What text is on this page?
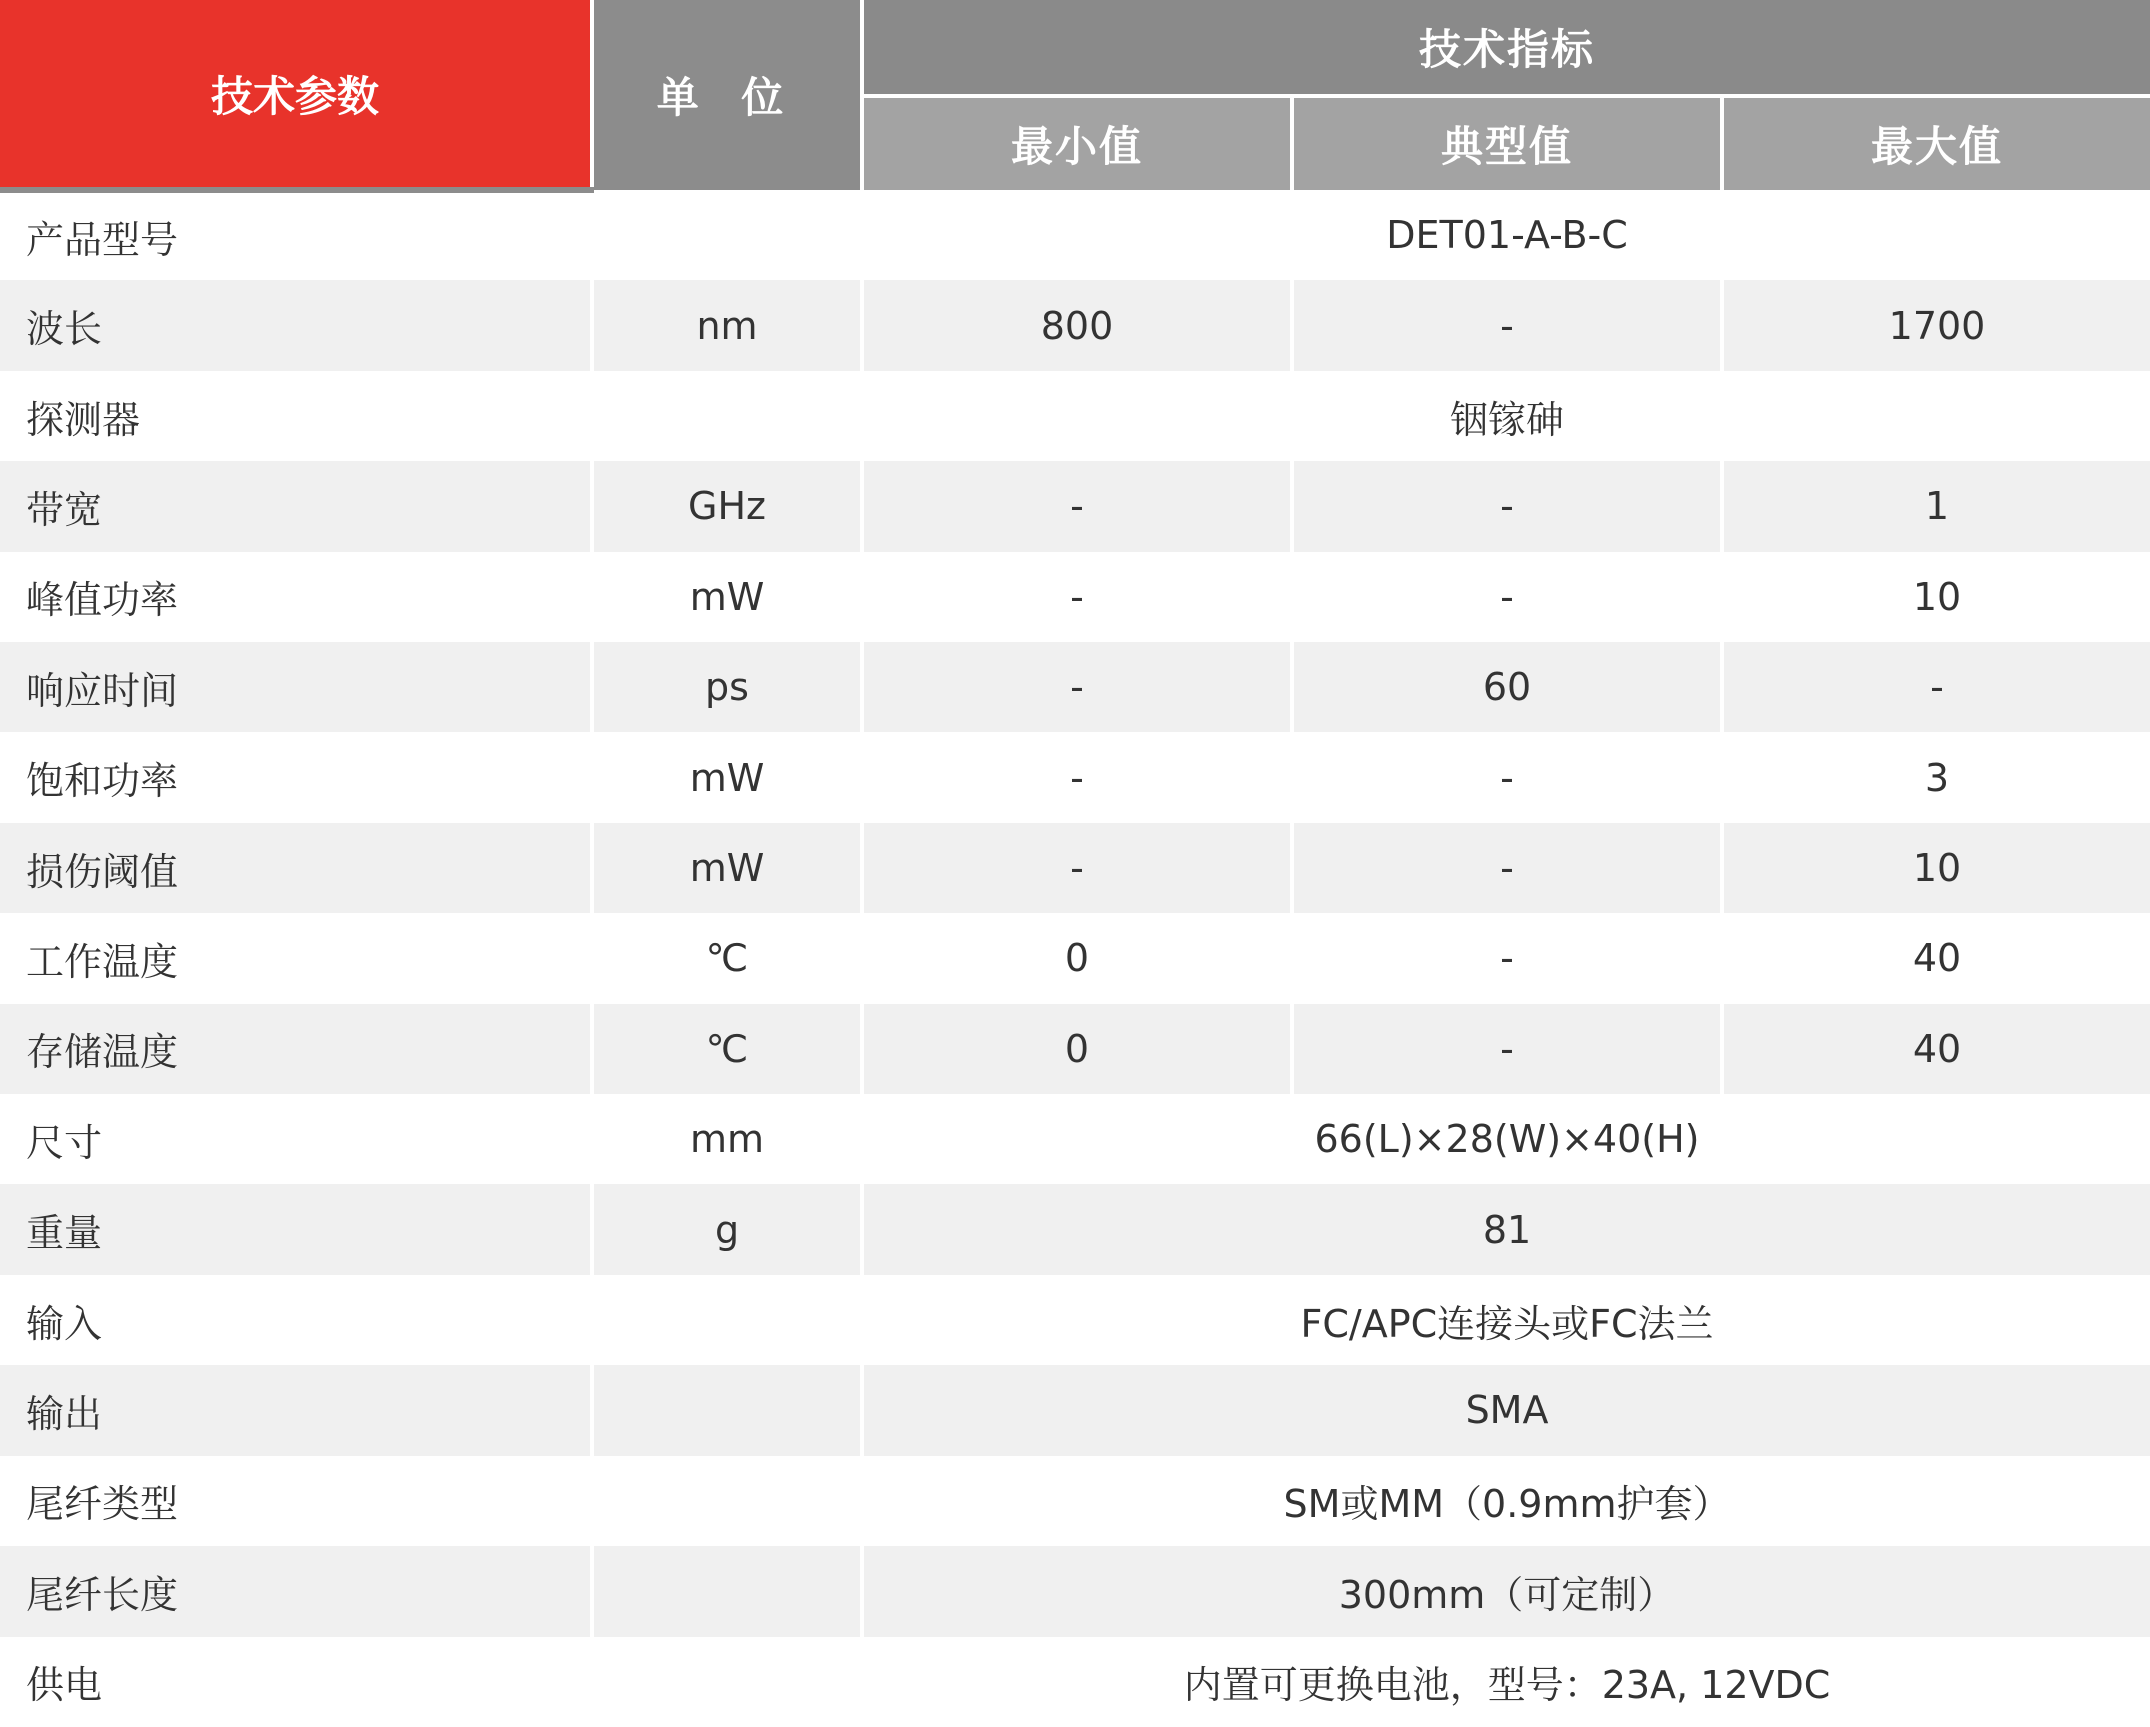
技术参数	单 位	技术指标		
		最小值	典型值	最大值
产品型号		DET01-A-B-C		
波长	nm	800	-	1700
探测器		铟镓砷		
带宽	GHz	-	-	1
峰值功率	mW	-	-	10
响应时间	ps	-	60	-
饱和功率	mW	-	-	3
损伤阈值	mW	-	-	10
工作温度	℃	0	-	40
存储温度	℃	0	-	40
尺寸	mm	66(L)×28(W)×40(H)		
重量	g	81		
输入		FC/APC连接头或FC法兰		
输出		SMA		
尾纤类型		SM或MM（0.9mm护套）		
尾纤长度		300mm（可定制）		
供电		内置可更换电池，型号：23A, 12VDC		
